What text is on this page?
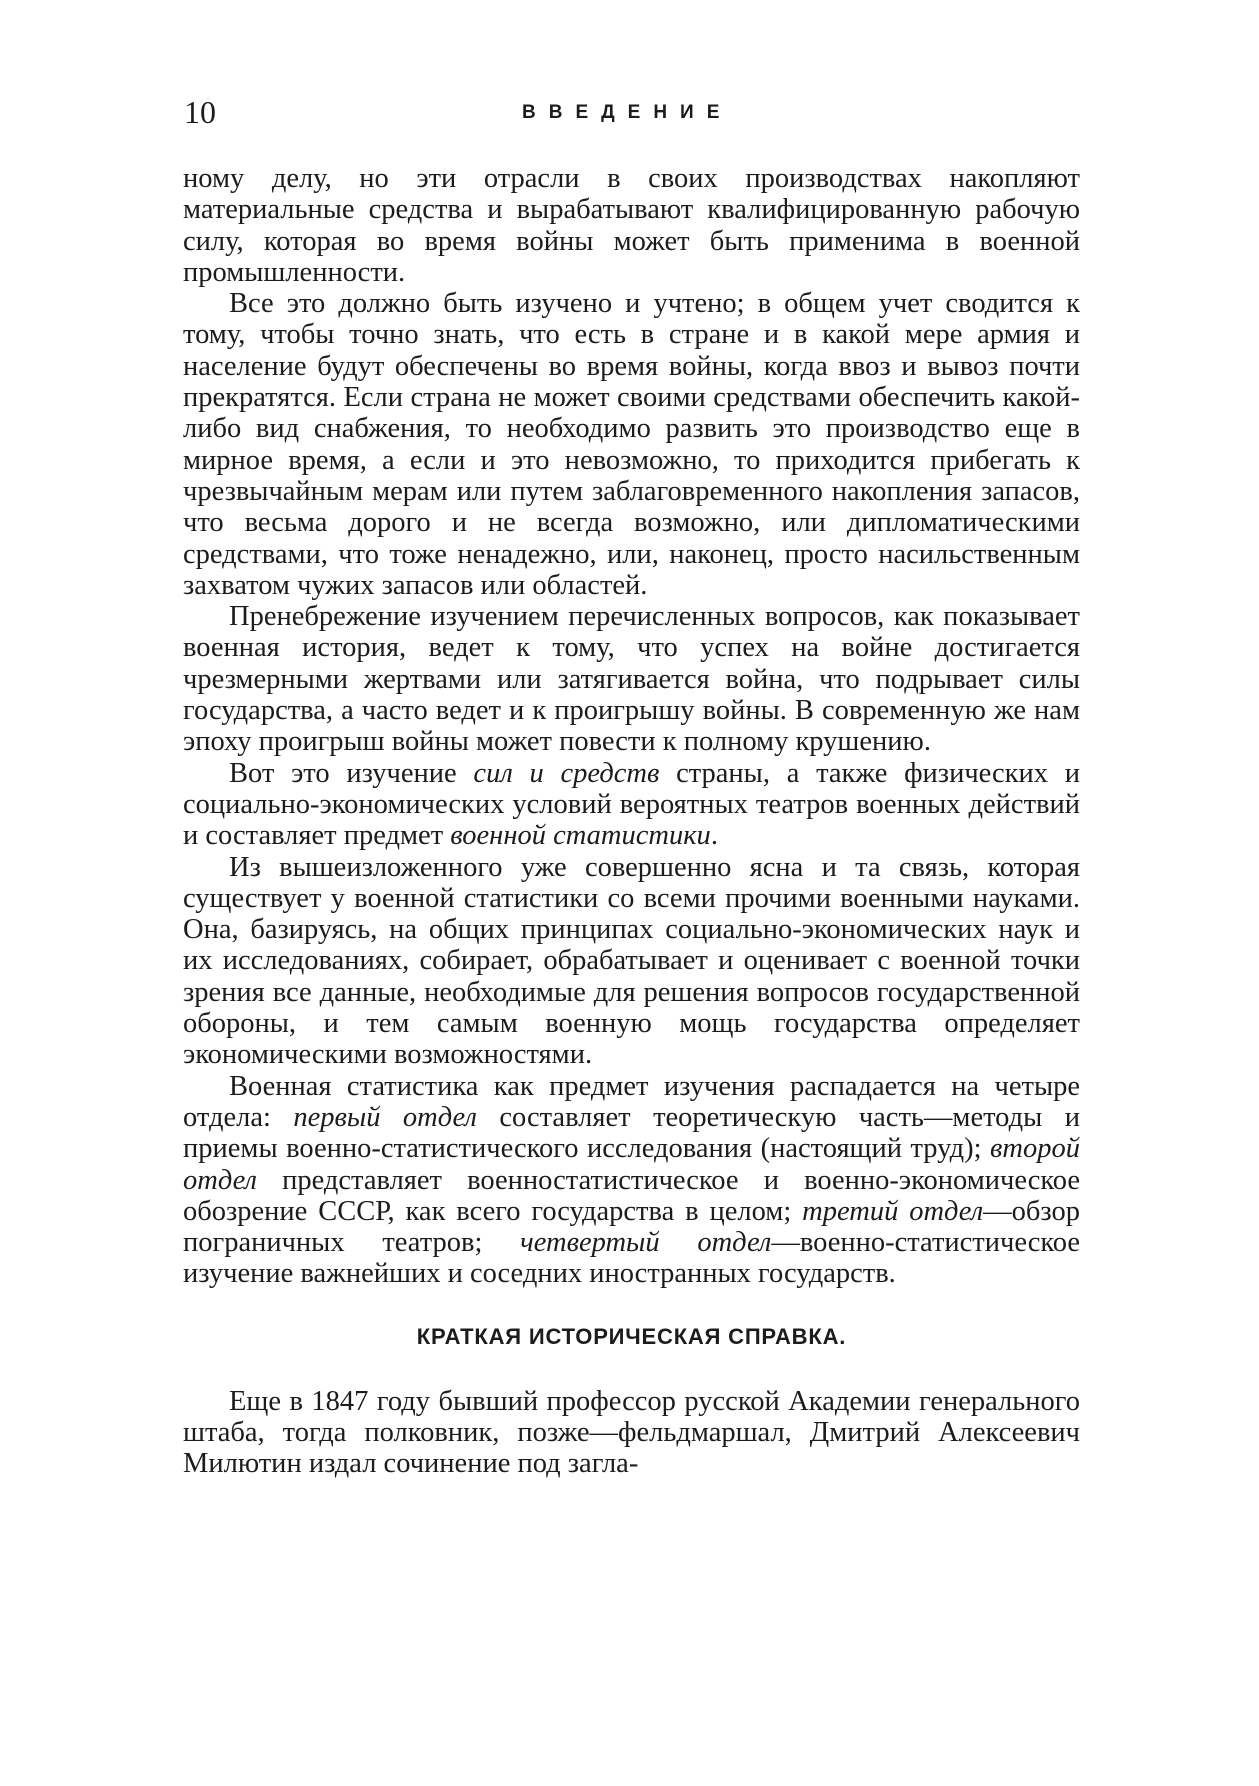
10	ВВЕДЕНИЕ

ному делу, но эти отрасли в своих производствах накопляют материальные средства и вырабатывают квалифицированную рабочую силу, которая во время войны может быть применима в военной промышленности.

Все это должно быть изучено и учтено; в общем учет сводится к тому, чтобы точно знать, что есть в стране и в какой мере армия и население будут обеспечены во время войны, когда ввоз и вывоз почти прекратятся. Если страна не может своими средствами обеспечить какой-либо вид снабжения, то необходимо развить это производство еще в мирное время, а если и это невозможно, то приходится прибегать к чрезвычайным мерам или путем заблаговременного накопления запасов, что весьма дорого и не всегда возможно, или дипломатическими средствами, что тоже ненадежно, или, наконец, просто насильственным захватом чужих запасов или областей.

Пренебрежение изучением перечисленных вопросов, как показывает военная история, ведет к тому, что успех на войне достигается чрезмерными жертвами или затягивается война, что подрывает силы государства, а часто ведет и к проигрышу войны. В современную же нам эпоху проигрыш войны может повести к полному крушению.

Вот это изучение сил и средств страны, а также физических и социально-экономических условий вероятных театров военных действий и составляет предмет военной статистики.

Из вышеизложенного уже совершенно ясна и та связь, которая существует у военной статистики со всеми прочими военными науками. Она, базируясь, на общих принципах социально-экономических наук и их исследованиях, собирает, обрабатывает и оценивает с военной точки зрения все данные, необходимые для решения вопросов государственной обороны, и тем самым военную мощь государства определяет экономическими возможностями.

Военная статистика как предмет изучения распадается на четыре отдела: первый отдел составляет теоретическую часть—методы и приемы военно-статистического исследования (настоящий труд); второй отдел представляет военностатистическое и военно-экономическое обозрение СССР, как всего государства в целом; третий отдел—обзор пограничных театров; четвертый отдел—военно-статистическое изучение важнейших и соседних иностранных государств.

КРАТКАЯ ИСТОРИЧЕСКАЯ СПРАВКА.

Еще в 1847 году бывший профессор русской Академии генерального штаба, тогда полковник, позже—фельдмаршал, Дмитрий Алексеевич Милютин издал сочинение под загла-
